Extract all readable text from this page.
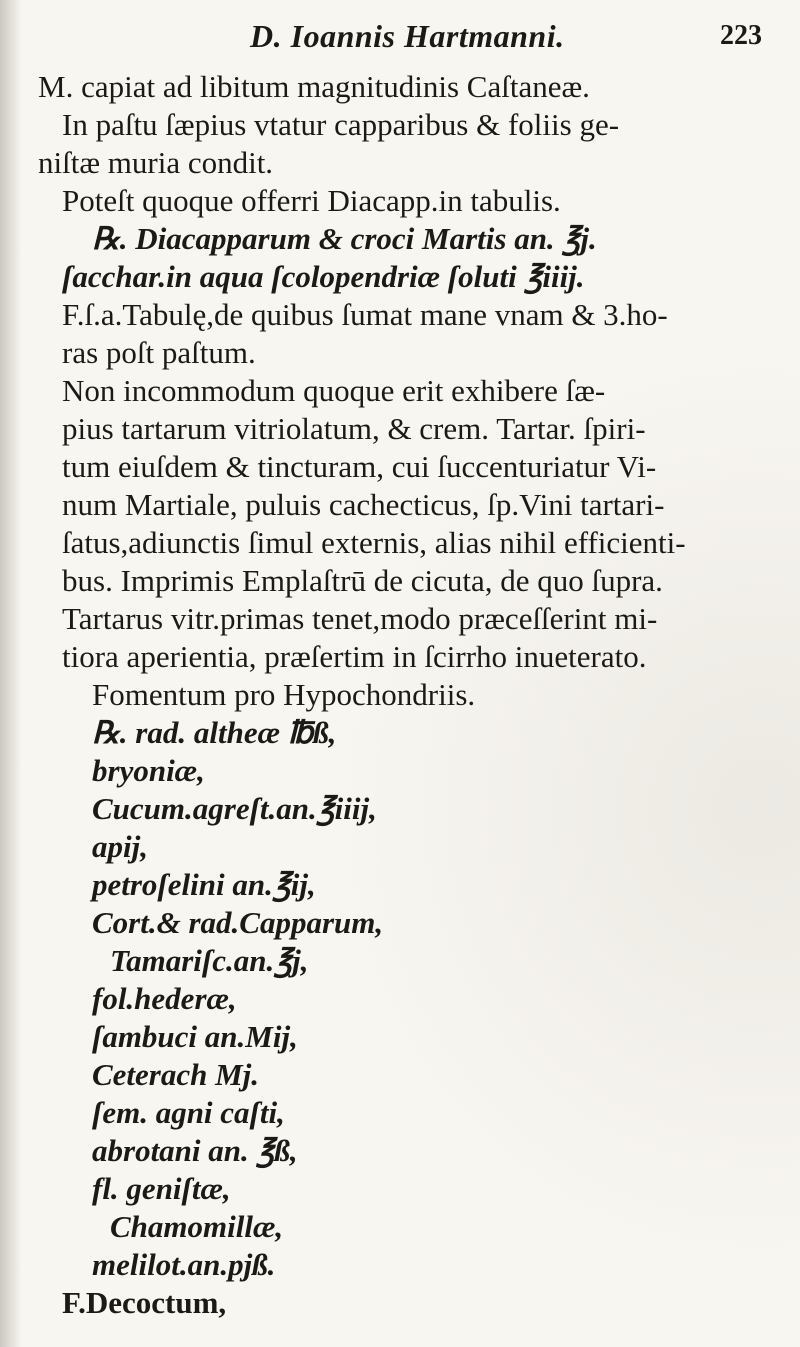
D. Ioannis Hartmanni.	223
M. capiat ad libitum magnitudinis Caſtaneæ.
In paſtu ſæpius vtatur capparibus & foliis ge-
niſtæ muria condit.
Poteſt quoque offerri Diacapp.in tabulis.
℞. Diacapparum & croci Martis an. ℥j.
ſacchar.in aqua ſcolopendriæ ſoluti ℥iiij.
F.ſ.a.Tabulę,de quibus ſumat mane vnam & 3.ho-
ras poſt paſtum.
Non incommodum quoque erit exhibere ſæ-
pius tartarum vitriolatum, & crem. Tartar. ſpiri-
tum eiuſdem & tincturam, cui ſuccenturiatur Vi-
num Martiale, puluis cachecticus, ſp.Vini tartari-
ſatus,adiunctis ſimul externis, alias nihil efficienti-
bus. Imprimis Emplaſtrū de cicuta, de quo ſupra.
Tartarus vitr.primas tenet,modo præceſſerint mi-
tiora aperientia, præſertim in ſcirrho inueterato.
Fomentum pro Hypochondriis.
℞. rad. altheæ ℔ß,
bryoniæ,
Cucum.agreſt.an.℥iiij,
apij,
petroſelini an.℥ij,
Cort.& rad.Capparum,
Tamariſc.an.℥j,
fol.hederæ,
ſambuci an.Mij,
Ceterach Mj.
ſem. agni caſti,
abrotani an. ℥ß,
fl. geniſtæ,
Chamomillæ,
melilot.an.pjß.
F.Decoctum,
